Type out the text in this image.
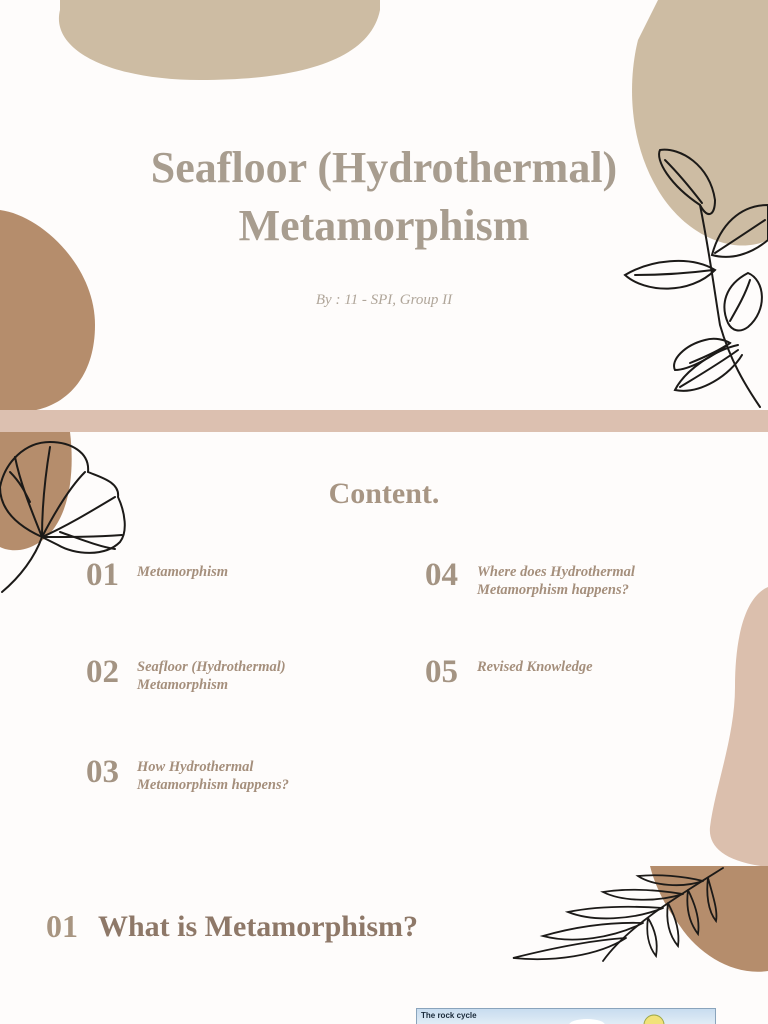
Seafloor (Hydrothermal)
Metamorphism
By : 11 - SPI, Group II
Content.
01 Metamorphism
02 Seafloor (Hydrothermal)
Metamorphism
03 How Hydrothermal
Metamorphism happens?
04 Where does Hydrothermal
Metamorphism happens?
05 Revised Knowledge
01 What is Metamorphism?
The rock cycle
